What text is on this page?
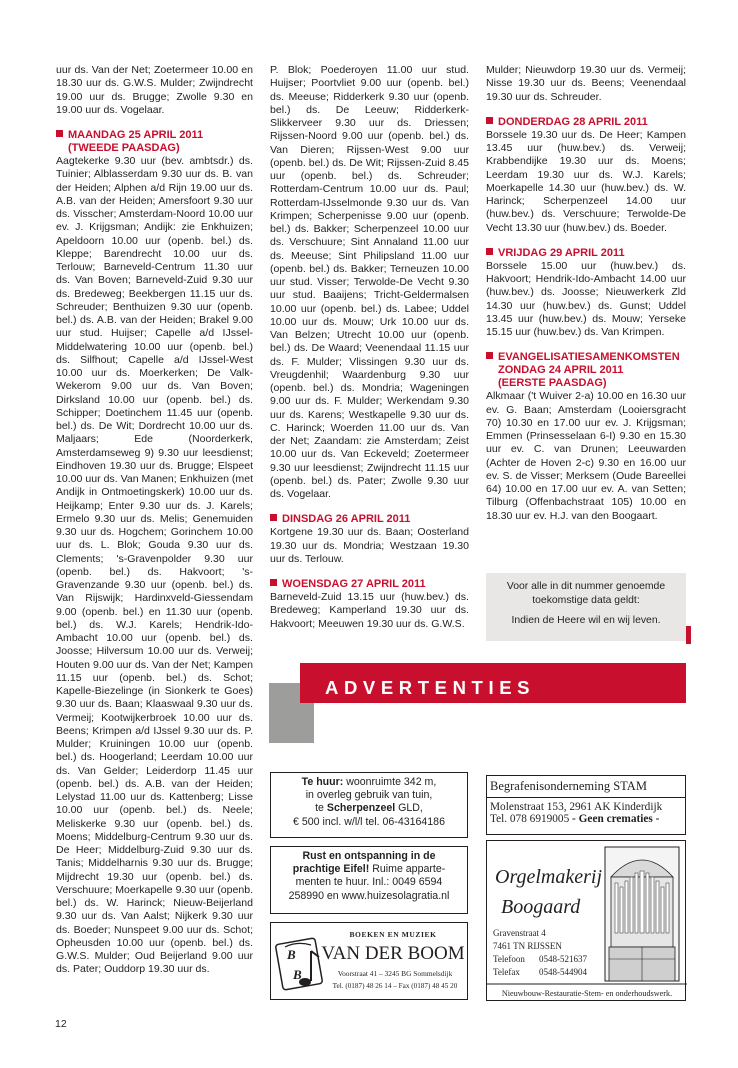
uur ds. Van der Net; Zoetermeer 10.00 en 18.30 uur ds. G.W.S. Mulder; Zwijndrecht 19.00 uur ds. Brugge; Zwolle 9.30 en 19.00 uur ds. Vogelaar.

MAANDAG 25 APRIL 2011
(TWEEDE PAASDAG)

Aagtekerke 9.30 uur (bev. ambtsdr.) ds. Tuinier; Alblasserdam 9.30 uur ds. B. van der Heiden; Alphen a/d Rijn 19.00 uur ds. A.B. van der Heiden; Amersfoort 9.30 uur ds. Visscher; Amsterdam-Noord 10.00 uur ev. J. Krijgsman; Andijk: zie Enkhuizen; Apeldoorn 10.00 uur (openb. bel.) ds. Kleppe; Barendrecht 10.00 uur ds. Terlouw; Barneveld-Centrum 11.30 uur ds. Van Boven; Barneveld-Zuid 9.30 uur ds. Bredeweg; Beekbergen 11.15 uur ds. Schreuder; Benthuizen 9.30 uur (openb. bel.) ds. A.B. van der Heiden; Brakel 9.00 uur stud. Huijser; Capelle a/d IJssel-Middelwatering 10.00 uur (openb. bel.) ds. Silfhout; Capelle a/d IJssel-West 10.00 uur ds. Moerkerken; De Valk-Wekerom 9.00 uur ds. Van Boven; Dirksland 10.00 uur (openb. bel.) ds. Schipper; Doetinchem 11.45 uur (openb. bel.) ds. De Wit; Dordrecht 10.00 uur ds. Maljaars; Ede (Noorderkerk, Amsterdamseweg 9) 9.30 uur leesdienst; Eindhoven 19.30 uur ds. Brugge; Elspeet 10.00 uur ds. Van Manen; Enkhuizen (met Andijk in Ontmoetingskerk) 10.00 uur ds. Heijkamp; Enter 9.30 uur ds. J. Karels; Ermelo 9.30 uur ds. Melis; Genemuiden 9.30 uur ds. Hogchem; Gorinchem 10.00 uur ds. L. Blok; Gouda 9.30 uur ds. Clements; 's-Gravenpolder 9.30 uur (openb. bel.) ds. Hakvoort; 's-Gravenzande 9.30 uur (openb. bel.) ds. Van Rijswijk; Hardinxveld-Giessendam 9.00 (openb. bel.) en 11.30 uur (openb. bel.) ds. W.J. Karels; Hendrik-Ido-Ambacht 10.00 uur (openb. bel.) ds. Joosse; Hilversum 10.00 uur ds. Verweij; Houten 9.00 uur ds. Van der Net; Kampen 11.15 uur (openb. bel.) ds. Schot; Kapelle-Biezelinge (in Sionkerk te Goes) 9.30 uur ds. Baan; Klaaswaal 9.30 uur ds. Vermeij; Kootwijkerbroek 10.00 uur ds. Beens; Krimpen a/d IJssel 9.30 uur ds. P. Mulder; Kruiningen 10.00 uur (openb. bel.) ds. Hoogerland; Leerdam 10.00 uur ds. Van Gelder; Leiderdorp 11.45 uur (openb. bel.) ds. A.B. van der Heiden; Lelystad 11.00 uur ds. Kattenberg; Lisse 10.00 uur (openb. bel.) ds. Neele; Meliskerke 9.30 uur (openb. bel.) ds. Moens; Middelburg-Centrum 9.30 uur ds. De Heer; Middelburg-Zuid 9.30 uur ds. Tanis; Middelharnis 9.30 uur ds. Brugge; Mijdrecht 19.30 uur (openb. bel.) ds. Verschuure; Moerkapelle 9.30 uur (openb. bel.) ds. W. Harinck; Nieuw-Beijerland 9.30 uur ds. Van Aalst; Nijkerk 9.30 uur ds. Boeder; Nunspeet 9.00 uur ds. Schot; Opheusden 10.00 uur (openb. bel.) ds. G.W.S. Mulder; Oud Beijerland 9.00 uur ds. Pater; Ouddorp 19.30 uur ds.

P. Blok; Poederoyen 11.00 uur stud. Huijser; Poortvliet 9.00 uur (openb. bel.) ds. Meeuse; Ridderkerk 9.30 uur (openb. bel.) ds. De Leeuw; Ridderkerk-Slikkerveer 9.30 uur ds. Driessen; Rijssen-Noord 9.00 uur (openb. bel.) ds. Van Dieren; Rijssen-West 9.00 uur (openb. bel.) ds. De Wit; Rijssen-Zuid 8.45 uur (openb. bel.) ds. Schreuder; Rotterdam-Centrum 10.00 uur ds. Paul; Rotterdam-IJsselmonde 9.30 uur ds. Van Krimpen; Scherpenisse 9.00 uur (openb. bel.) ds. Bakker; Scherpenzeel 10.00 uur ds. Verschuure; Sint Annaland 11.00 uur ds. Meeuse; Sint Philipsland 11.00 uur (openb. bel.) ds. Bakker; Terneuzen 10.00 uur stud. Visser; Terwolde-De Vecht 9.30 uur stud. Baaijens; Tricht-Geldermalsen 10.00 uur (openb. bel.) ds. Labee; Uddel 10.00 uur ds. Mouw; Urk 10.00 uur ds. Van Belzen; Utrecht 10.00 uur (openb. bel.) ds. De Waard; Veenendaal 11.15 uur ds. F. Mulder; Vlissingen 9.30 uur ds. Vreugdenhil; Waardenburg 9.30 uur (openb. bel.) ds. Mondria; Wageningen 9.00 uur ds. F. Mulder; Werkendam 9.30 uur ds. Karens; Westkapelle 9.30 uur ds. C. Harinck; Woerden 11.00 uur ds. Van der Net; Zaandam: zie Amsterdam; Zeist 10.00 uur ds. Van Eckeveld; Zoetermeer 9.30 uur leesdienst; Zwijndrecht 11.15 uur (openb. bel.) ds. Pater; Zwolle 9.30 uur ds. Vogelaar.

DINSDAG 26 APRIL 2011

Kortgene 19.30 uur ds. Baan; Oosterland 19.30 uur ds. Mondria; Westzaan 19.30 uur ds. Terlouw.

WOENSDAG 27 APRIL 2011

Barneveld-Zuid 13.15 uur (huw.bev.) ds. Bredeweg; Kamperland 19.30 uur ds. Hakvoort; Meeuwen 19.30 uur ds. G.W.S.

Mulder; Nieuwdorp 19.30 uur ds. Vermeij; Nisse 19.30 uur ds. Beens; Veenendaal 19.30 uur ds. Schreuder.

DONDERDAG 28 APRIL 2011

Borssele 19.30 uur ds. De Heer; Kampen 13.45 uur (huw.bev.) ds. Verweij; Krabbendijke 19.30 uur ds. Moens; Leerdam 19.30 uur ds. W.J. Karels; Moerkapelle 14.30 uur (huw.bev.) ds. W. Harinck; Scherpenzeel 14.00 uur (huw.bev.) ds. Verschuure; Terwolde-De Vecht 13.30 uur (huw.bev.) ds. Boeder.

VRIJDAG 29 APRIL 2011

Borssele 15.00 uur (huw.bev.) ds. Hakvoort; Hendrik-Ido-Ambacht 14.00 uur (huw.bev.) ds. Joosse; Nieuwerkerk Zld 14.30 uur (huw.bev.) ds. Gunst; Uddel 13.45 uur (huw.bev.) ds. Mouw; Yerseke 15.15 uur (huw.bev.) ds. Van Krimpen.

EVANGELISATIESAMENKOMSTEN
ZONDAG 24 APRIL 2011
(EERSTE PAASDAG)

Alkmaar ('t Wuiver 2-a) 10.00 en 16.30 uur ev. G. Baan; Amsterdam (Looiersgracht 70) 10.30 en 17.00 uur ev. J. Krijgsman; Emmen (Prinsesselaan 6-I) 9.30 en 15.30 uur ev. C. van Drunen; Leeuwarden (Achter de Hoven 2-c) 9.30 en 16.00 uur ev. S. de Visser; Merksem (Oude Bareellei 64) 10.00 en 17.00 uur ev. A. van Setten; Tilburg (Offenbachstraat 105) 10.00 en 18.30 uur ev. H.J. van den Boogaart.

Voor alle in dit nummer genoemde
toekomstige data geldt:
Indien de Heere wil en wij leven.
ADVERTENTIES
Te huur: woonruimte 342 m,
in overleg gebruik van tuin,
te Scherpenzeel GLD,
€ 500 incl. w/l/l tel. 06-43164186
Rust en ontspanning in de
prachtige Eifel! Ruime apparte-
menten te huur. Inl.: 0049 6594
258990 en www.huizesolagratia.nl
B
B
BOEKEN EN MUZIEK
VAN DER BOOM
Voorstraat 41 – 3245 BG Sommelsdijk
Tel. (0187) 48 26 14 – Fax (0187) 48 45 20
Begrafenisonderneming STAM
Molenstraat 153, 2961 AK Kinderdijk
Tel. 078 6919005 - Geen crematies -
Orgelmakerij
Boogaard
Gravenstraat 4
7461 TN RIJSSEN
Telefoon 0548-521637
Telefax 0548-544904
Nieuwbouw-Restauratie-Stem- en onderhoudswerk.
12
